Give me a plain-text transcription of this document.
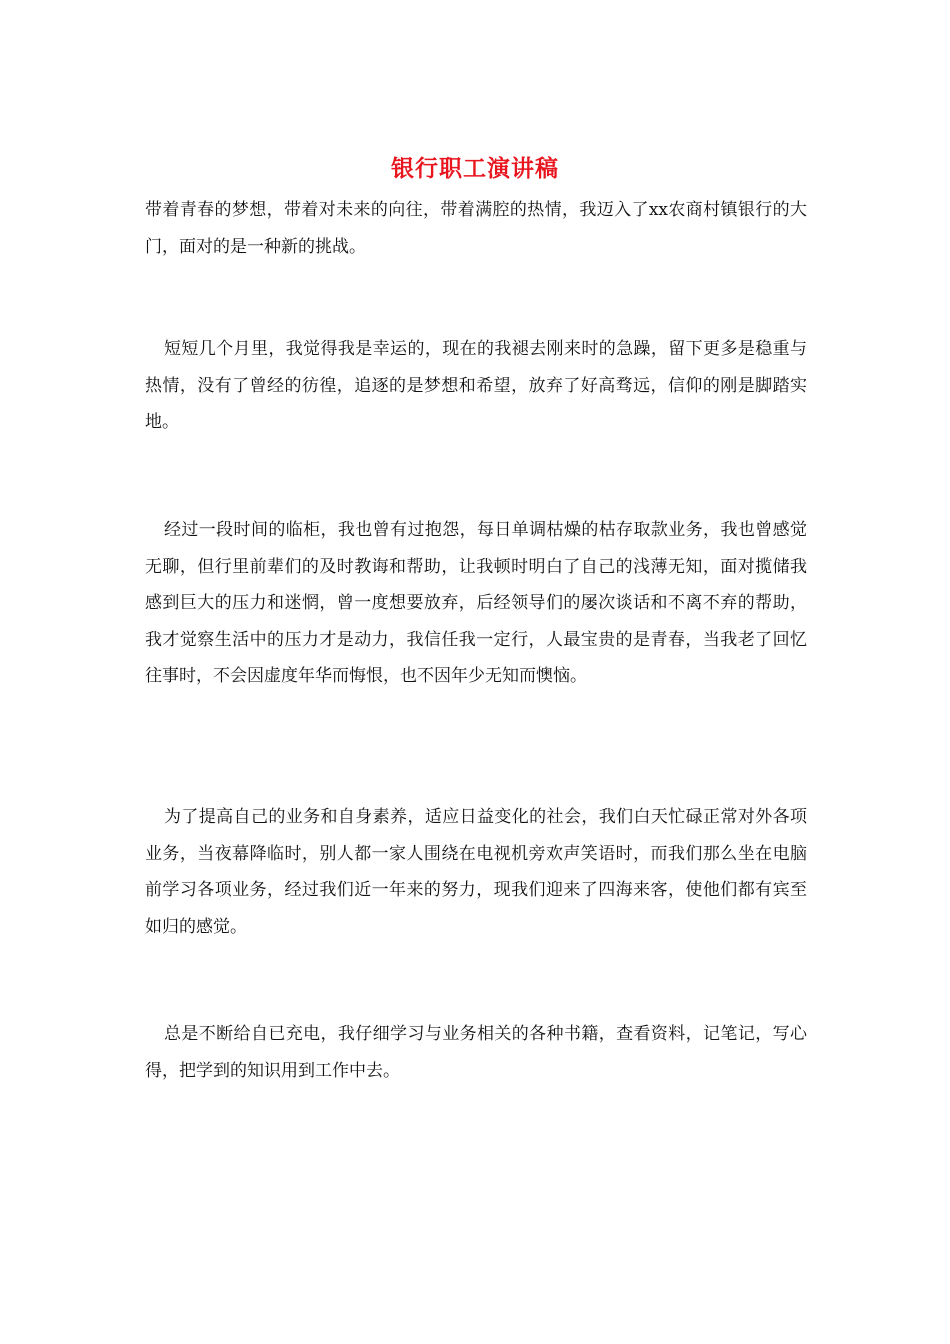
银行职工演讲稿

带着青春的梦想，带着对未来的向往，带着满腔的热情，我迈入了xx农商村镇银行的大门，面对的是一种新的挑战。

短短几个月里，我觉得我是幸运的，现在的我褪去刚来时的急躁，留下更多是稳重与热情，没有了曾经的彷徨，追逐的是梦想和希望，放弃了好高骛远，信仰的刚是脚踏实地。

经过一段时间的临柜，我也曾有过抱怨，每日单调枯燥的枯存取款业务，我也曾感觉无聊，但行里前辈们的及时教诲和帮助，让我顿时明白了自己的浅薄无知，面对揽储我感到巨大的压力和迷惘，曾一度想要放弃，后经领导们的屡次谈话和不离不弃的帮助，我才觉察生活中的压力才是动力，我信任我一定行，人最宝贵的是青春，当我老了回忆往事时，不会因虚度年华而悔恨，也不因年少无知而懊恼。

为了提高自己的业务和自身素养，适应日益变化的社会，我们白天忙碌正常对外各项业务，当夜幕降临时，别人都一家人围绕在电视机旁欢声笑语时，而我们那么坐在电脑前学习各项业务，经过我们近一年来的努力，现我们迎来了四海来客，使他们都有宾至如归的感觉。

总是不断给自已充电，我仔细学习与业务相关的各种书籍，查看资料，记笔记，写心得，把学到的知识用到工作中去。
